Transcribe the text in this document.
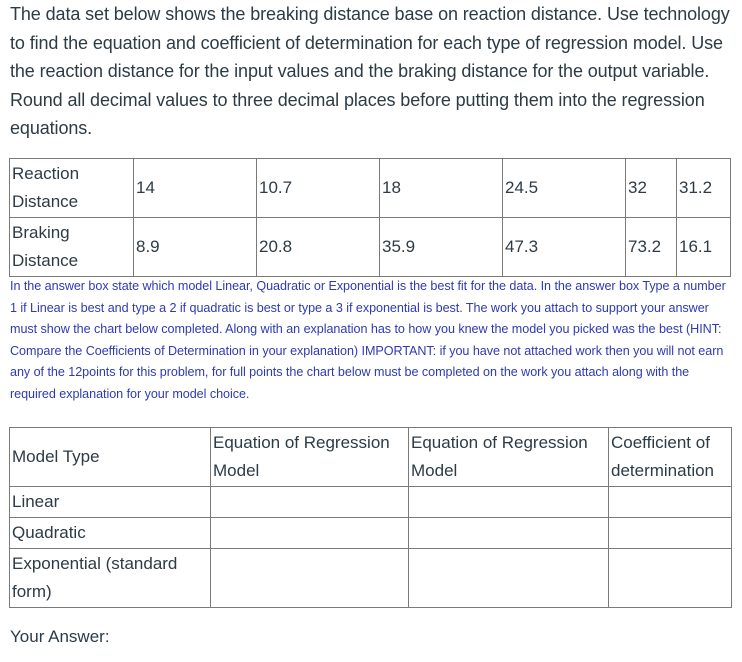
The data set below shows the breaking distance base on reaction distance. Use technology to find the equation and coefficient of determination for each type of regression model. Use the reaction distance for the input values and the braking distance for the output variable. Round all decimal values to three decimal places before putting them into the regression equations.

Reaction Distance	14	10.7	18	24.5	32	31.2
Braking Distance	8.9	20.8	35.9	47.3	73.2	16.1

In the answer box state which model Linear, Quadratic or Exponential is the best fit for the data. In the answer box Type a number 1 if Linear is best and type a 2 if quadratic is best or type a 3 if exponential is best. The work you attach to support your answer must show the chart below completed. Along with an explanation has to how you knew the model you picked was the best (HINT: Compare the Coefficients of Determination in your explanation) IMPORTANT: if you have not attached work then you will not earn any of the 12points for this problem, for full points the chart below must be completed on the work you attach along with the required explanation for your model choice.

Model Type	Equation of Regression Model	Equation of Regression Model	Coefficient of determination
Linear			
Quadratic			
Exponential (standard form)			
Your Answer:
